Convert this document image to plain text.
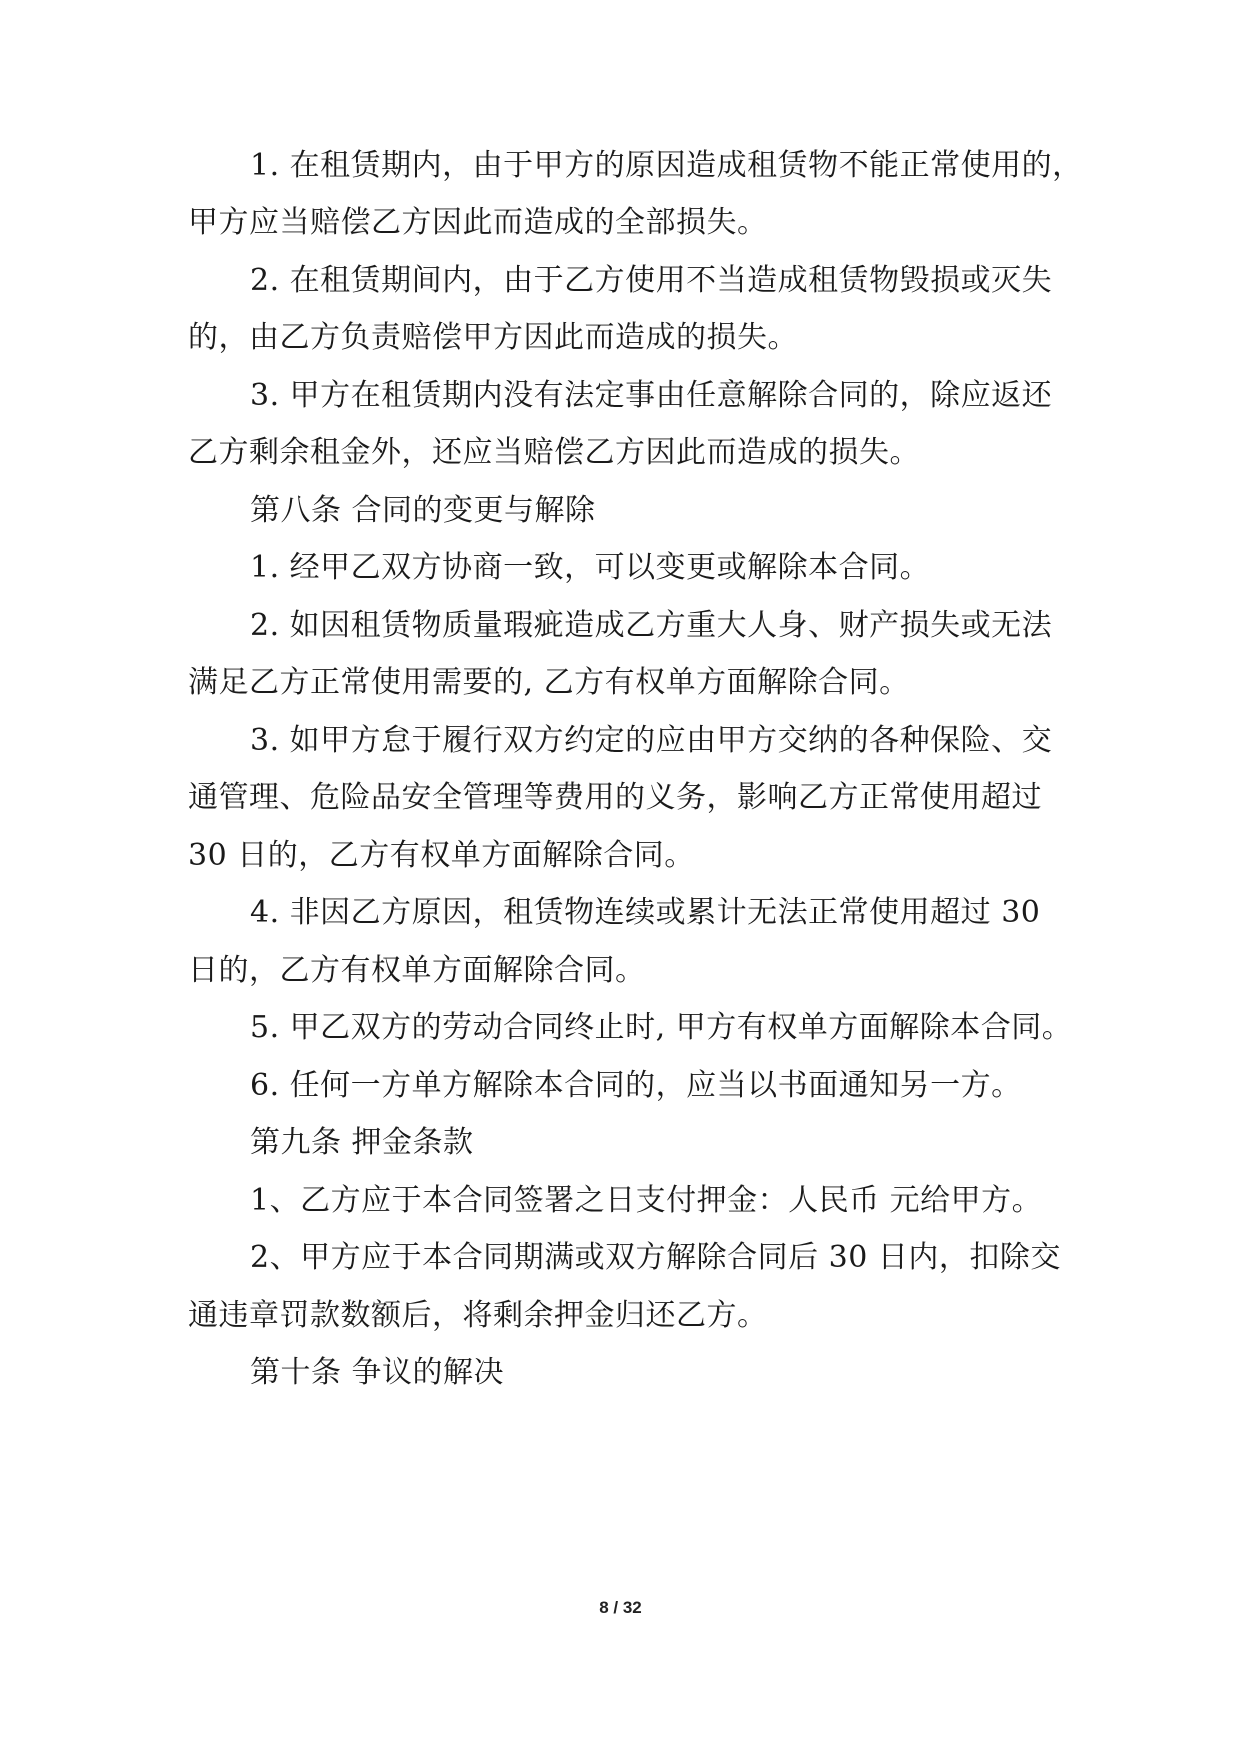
1. 在租赁期内，由于甲方的原因造成租赁物不能正常使用的，
甲方应当赔偿乙方因此而造成的全部损失。
2. 在租赁期间内，由于乙方使用不当造成租赁物毁损或灭失
的，由乙方负责赔偿甲方因此而造成的损失。
3. 甲方在租赁期内没有法定事由任意解除合同的，除应返还
乙方剩余租金外，还应当赔偿乙方因此而造成的损失。
第八条 合同的变更与解除
1. 经甲乙双方协商一致，可以变更或解除本合同。
2. 如因租赁物质量瑕疵造成乙方重大人身、财产损失或无法
满足乙方正常使用需要的, 乙方有权单方面解除合同。
3. 如甲方怠于履行双方约定的应由甲方交纳的各种保险、交
通管理、危险品安全管理等费用的义务，影响乙方正常使用超过
30 日的，乙方有权单方面解除合同。
4. 非因乙方原因，租赁物连续或累计无法正常使用超过 30
日的，乙方有权单方面解除合同。
5. 甲乙双方的劳动合同终止时, 甲方有权单方面解除本合同。
6. 任何一方单方解除本合同的，应当以书面通知另一方。
第九条 押金条款
1、乙方应于本合同签署之日支付押金：人民币 元给甲方。
2、甲方应于本合同期满或双方解除合同后 30 日内，扣除交
通违章罚款数额后，将剩余押金归还乙方。
第十条 争议的解决
8 / 32
